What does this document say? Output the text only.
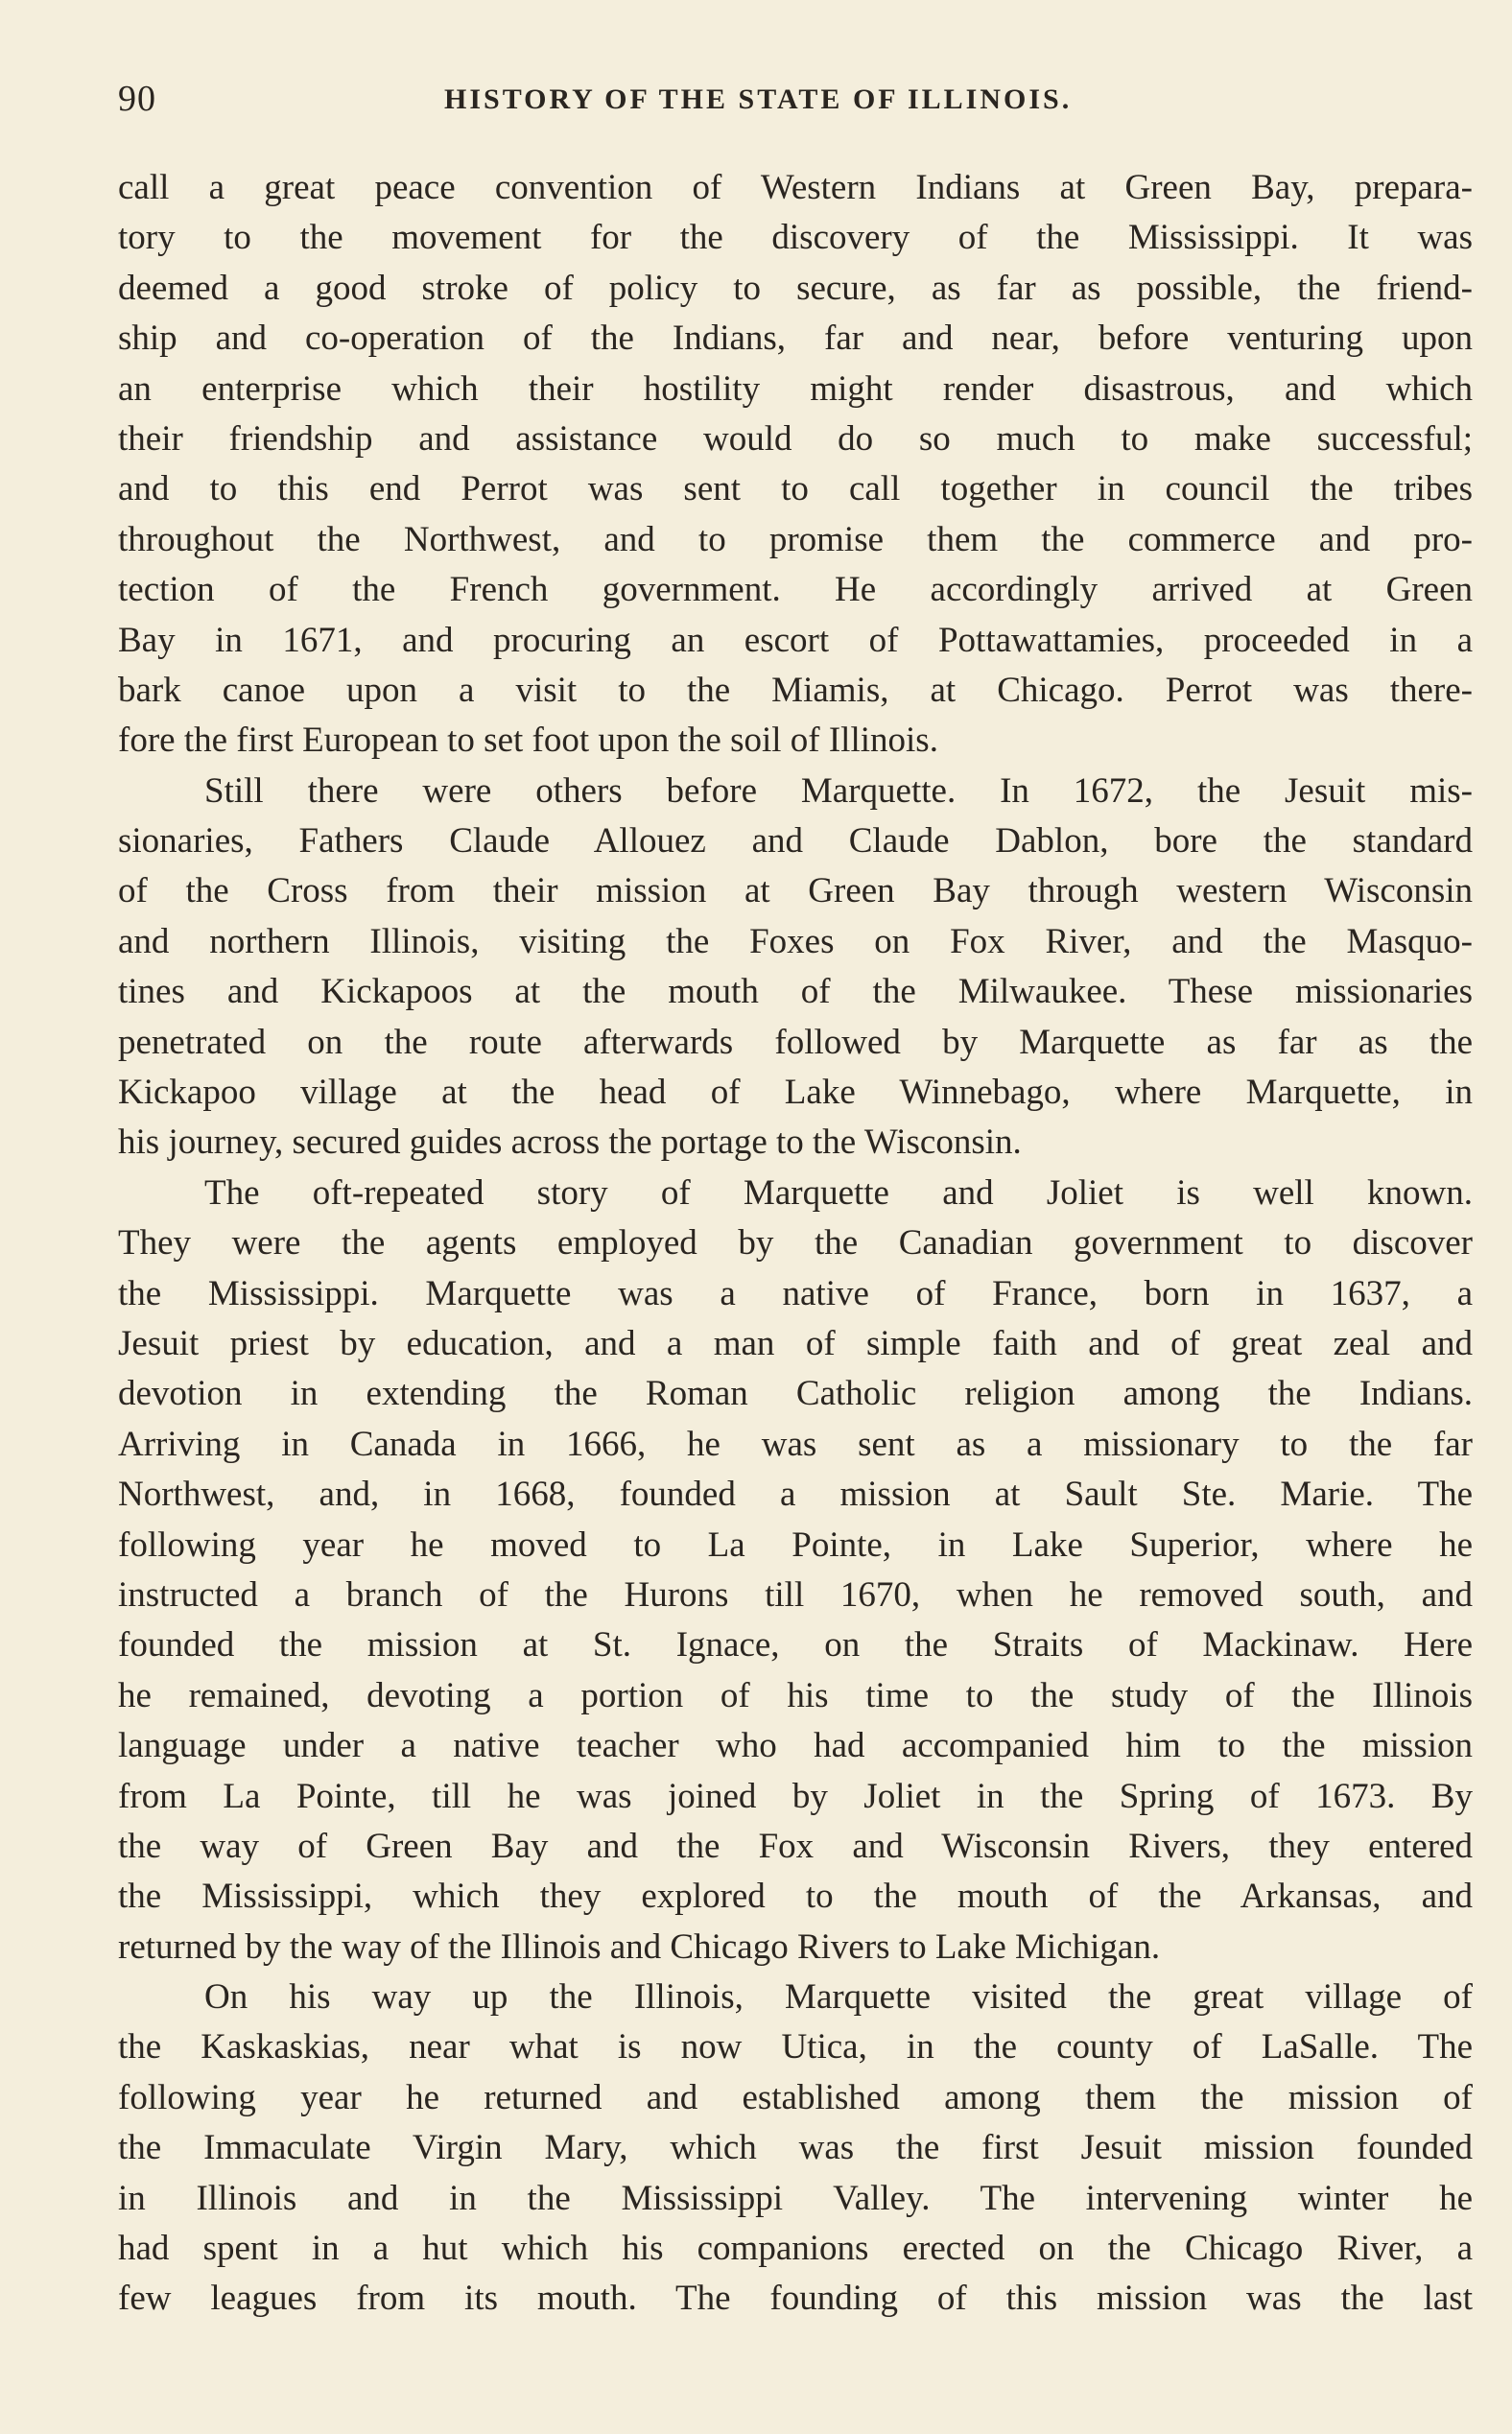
90	HISTORY OF THE STATE OF ILLINOIS.
call a great peace convention of Western Indians at Green Bay, prepara-
tory to the movement for the discovery of the Mississippi. It was
deemed a good stroke of policy to secure, as far as possible, the friend-
ship and co-operation of the Indians, far and near, before venturing upon
an enterprise which their hostility might render disastrous, and which
their friendship and assistance would do so much to make successful;
and to this end Perrot was sent to call together in council the tribes
throughout the Northwest, and to promise them the commerce and pro-
tection of the French government. He accordingly arrived at Green
Bay in 1671, and procuring an escort of Pottawattamies, proceeded in a
bark canoe upon a visit to the Miamis, at Chicago. Perrot was there-
fore the first European to set foot upon the soil of Illinois.
Still there were others before Marquette. In 1672, the Jesuit mis-
sionaries, Fathers Claude Allouez and Claude Dablon, bore the standard
of the Cross from their mission at Green Bay through western Wisconsin
and northern Illinois, visiting the Foxes on Fox River, and the Masquo-
tines and Kickapoos at the mouth of the Milwaukee. These missionaries
penetrated on the route afterwards followed by Marquette as far as the
Kickapoo village at the head of Lake Winnebago, where Marquette, in
his journey, secured guides across the portage to the Wisconsin.
The oft-repeated story of Marquette and Joliet is well known.
They were the agents employed by the Canadian government to discover
the Mississippi. Marquette was a native of France, born in 1637, a
Jesuit priest by education, and a man of simple faith and of great zeal and
devotion in extending the Roman Catholic religion among the Indians.
Arriving in Canada in 1666, he was sent as a missionary to the far
Northwest, and, in 1668, founded a mission at Sault Ste. Marie. The
following year he moved to La Pointe, in Lake Superior, where he
instructed a branch of the Hurons till 1670, when he removed south, and
founded the mission at St. Ignace, on the Straits of Mackinaw. Here
he remained, devoting a portion of his time to the study of the Illinois
language under a native teacher who had accompanied him to the mission
from La Pointe, till he was joined by Joliet in the Spring of 1673. By
the way of Green Bay and the Fox and Wisconsin Rivers, they entered
the Mississippi, which they explored to the mouth of the Arkansas, and
returned by the way of the Illinois and Chicago Rivers to Lake Michigan.
On his way up the Illinois, Marquette visited the great village of
the Kaskaskias, near what is now Utica, in the county of LaSalle. The
following year he returned and established among them the mission of
the Immaculate Virgin Mary, which was the first Jesuit mission founded
in Illinois and in the Mississippi Valley. The intervening winter he
had spent in a hut which his companions erected on the Chicago River, a
few leagues from its mouth. The founding of this mission was the last
